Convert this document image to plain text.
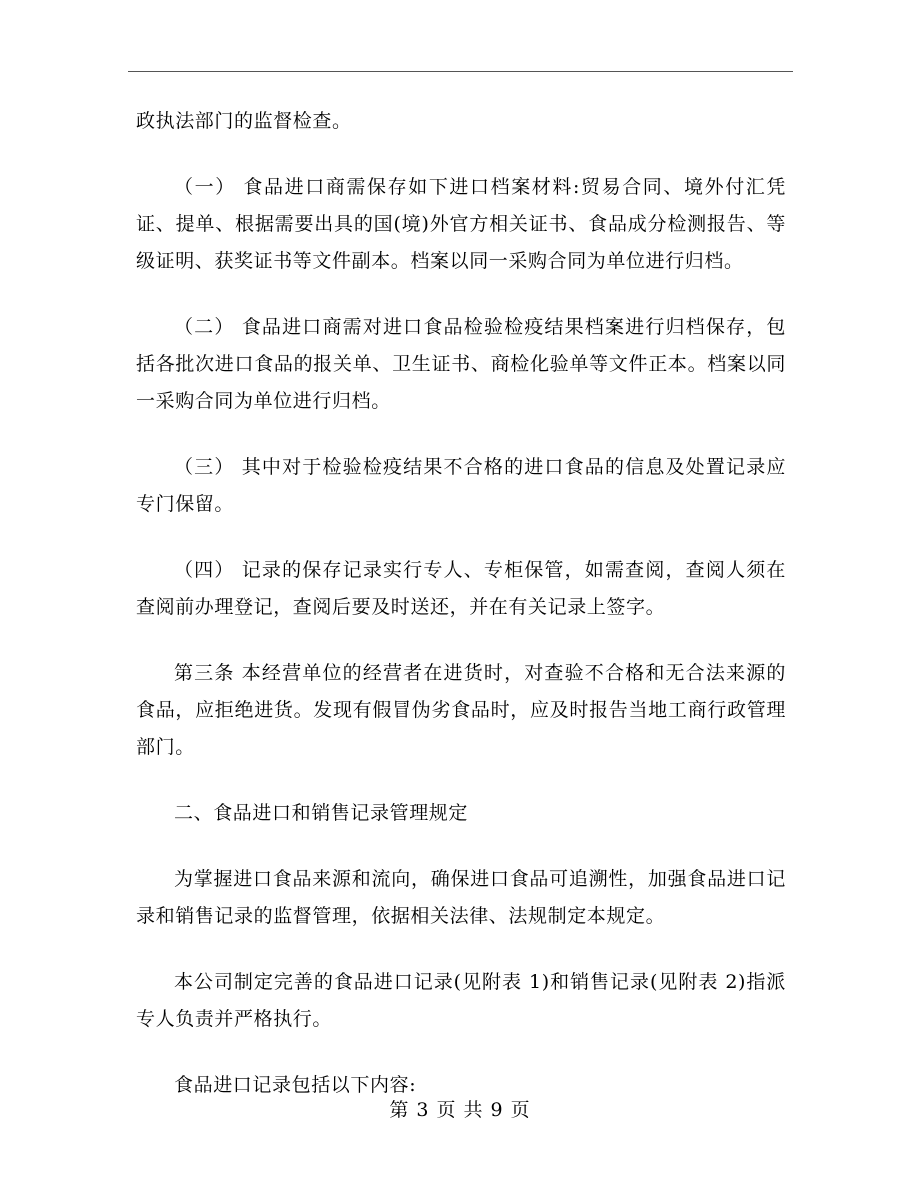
政执法部门的监督检查。

（一） 食品进口商需保存如下进口档案材料:贸易合同、境外付汇凭证、提单、根据需要出具的国(境)外官方相关证书、食品成分检测报告、等级证明、获奖证书等文件副本。档案以同一采购合同为单位进行归档。

（二） 食品进口商需对进口食品检验检疫结果档案进行归档保存，包括各批次进口食品的报关单、卫生证书、商检化验单等文件正本。档案以同一采购合同为单位进行归档。

（三） 其中对于检验检疫结果不合格的进口食品的信息及处置记录应专门保留。

（四） 记录的保存记录实行专人、专柜保管，如需查阅，查阅人须在查阅前办理登记，查阅后要及时送还，并在有关记录上签字。

第三条 本经营单位的经营者在进货时，对查验不合格和无合法来源的食品，应拒绝进货。发现有假冒伪劣食品时，应及时报告当地工商行政管理部门。

二、食品进口和销售记录管理规定

为掌握进口食品来源和流向，确保进口食品可追溯性，加强食品进口记录和销售记录的监督管理，依据相关法律、法规制定本规定。

本公司制定完善的食品进口记录(见附表 1)和销售记录(见附表 2)指派专人负责并严格执行。

食品进口记录包括以下内容:

第 3 页 共 9 页
